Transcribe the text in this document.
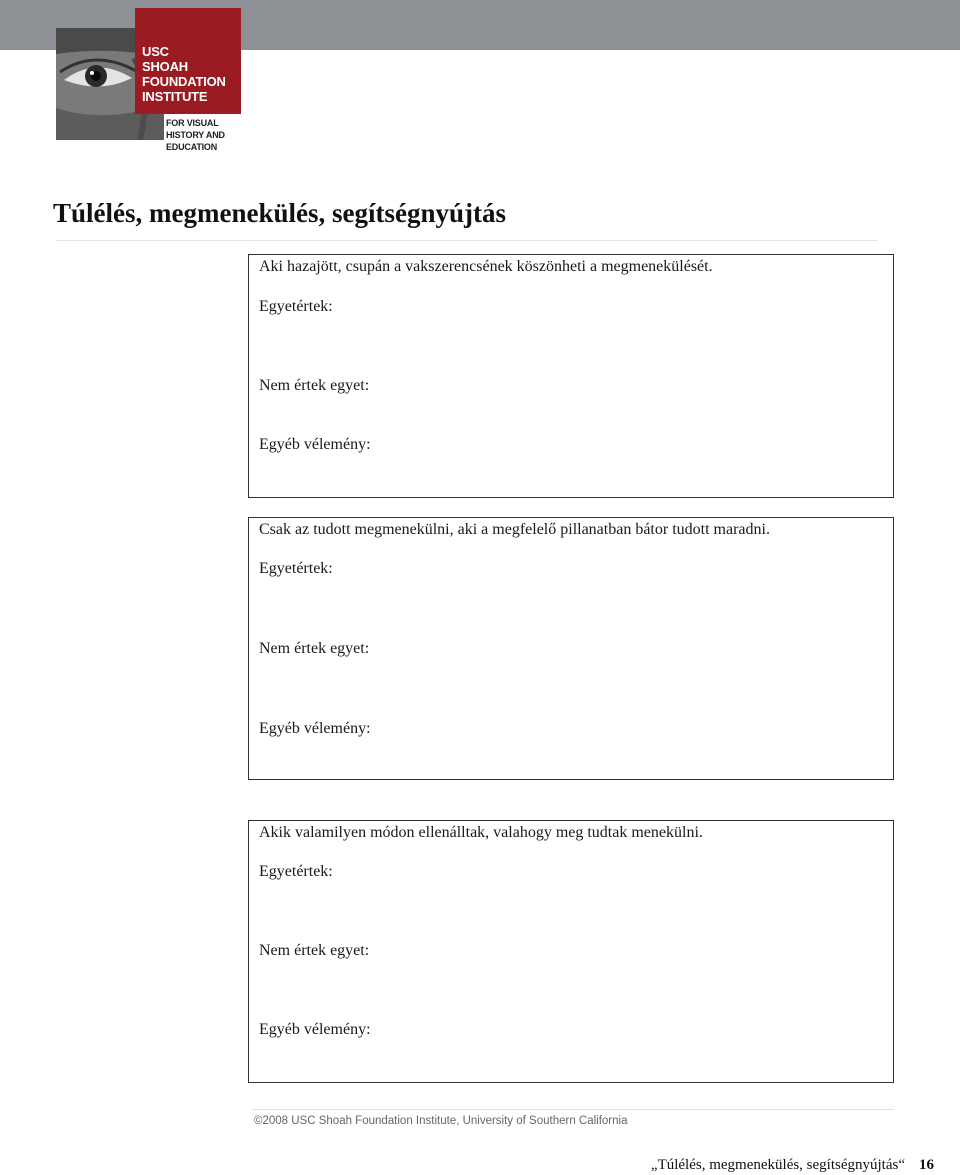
USC
SHOAH
FOUNDATION
INSTITUTE
FOR VISUAL
HISTORY AND
EDUCATION
Túlélés, megmenekülés, segítségnyújtás
Aki hazajött, csupán a vakszerencsének köszönheti a megmenekülését.
Egyetértek:
Nem értek egyet:
Egyéb vélemény:
Csak az tudott megmenekülni, aki a megfelelő pillanatban bátor tudott maradni.
Egyetértek:
Nem értek egyet:
Egyéb vélemény:
Akik valamilyen módon ellenálltak, valahogy meg tudtak menekülni.
Egyetértek:
Nem értek egyet:
Egyéb vélemény:
©2008 USC Shoah Foundation Institute, University of Southern California
„Túlélés, megmenekülés, segítségnyújtás“ 16
